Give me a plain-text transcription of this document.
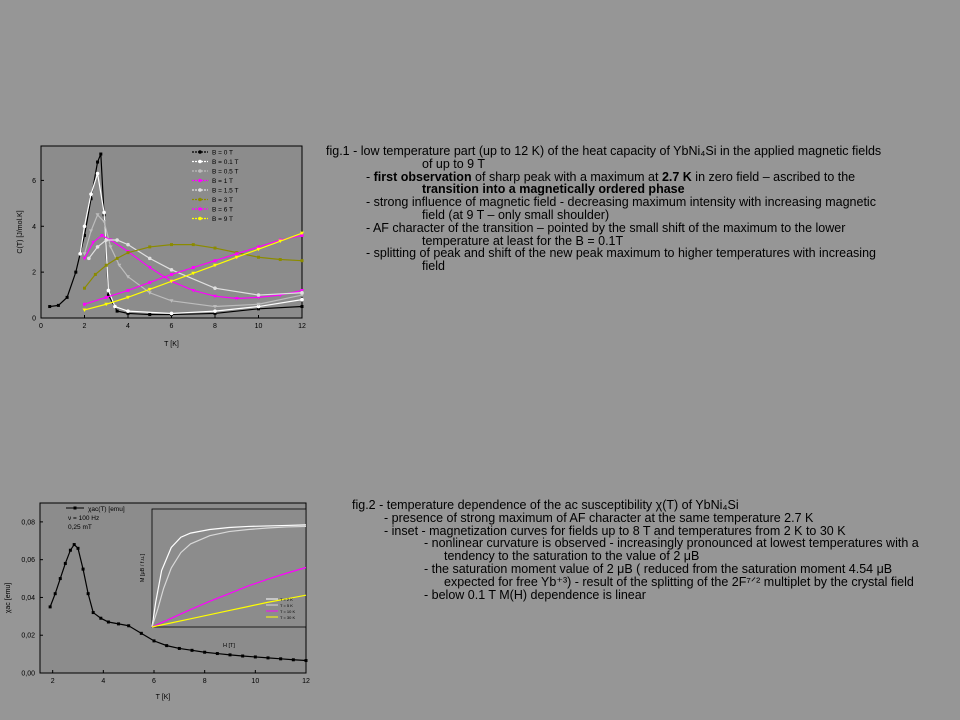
0	2	4	6	8	10	12
0
2
4
6
T [K]
C(T) [J/mol.K]
B = 0 T
B = 0.1 T
B = 0.5 T
B = 1 T
B = 1.5 T
B = 3 T
B = 6 T
B = 9 T
fig.1 - low temperature part (up to 12 K) of the heat capacity of YbNi₄Si in the applied magnetic fields
of up to 9 T
- first observation of sharp peak with a maximum at 2.7 K in zero field – ascribed to the
transition into a magnetically ordered phase
- strong influence of magnetic field - decreasing maximum intensity with increasing magnetic
field (at 9 T – only small shoulder)
- AF character of the transition – pointed by the small shift of the maximum to the lower
temperature at least for the B = 0.1T
- splitting of peak and shift of the new peak maximum to higher temperatures with increasing
field
2	4	6	8	10	12
0,00
0,02
0,04
0,06
0,08
T [K]
χac [emu]
χac(T) [emu]
ν = 100 Hz
0,25 mT
H [T]
M [μB / f.u.]
T = 2 K
T = 5 K
T = 10 K
T = 30 K
fig.2 - temperature dependence of the ac susceptibility χ(T) of YbNi₄Si
- presence of strong maximum of AF character at the same temperature 2.7 K
- inset - magnetization curves for fields up to 8 T and temperatures from 2 K to 30 K
- nonlinear curvature is observed - increasingly pronounced at lowest temperatures with a
tendency to the saturation to the value of 2 μB
- the saturation moment value of 2 μB ( reduced from the saturation moment 4.54 μB
expected for free Yb⁺³) - result of the splitting of the 2F⁷ᐟ² multiplet by the crystal field
- below 0.1 T M(H) dependence is linear
